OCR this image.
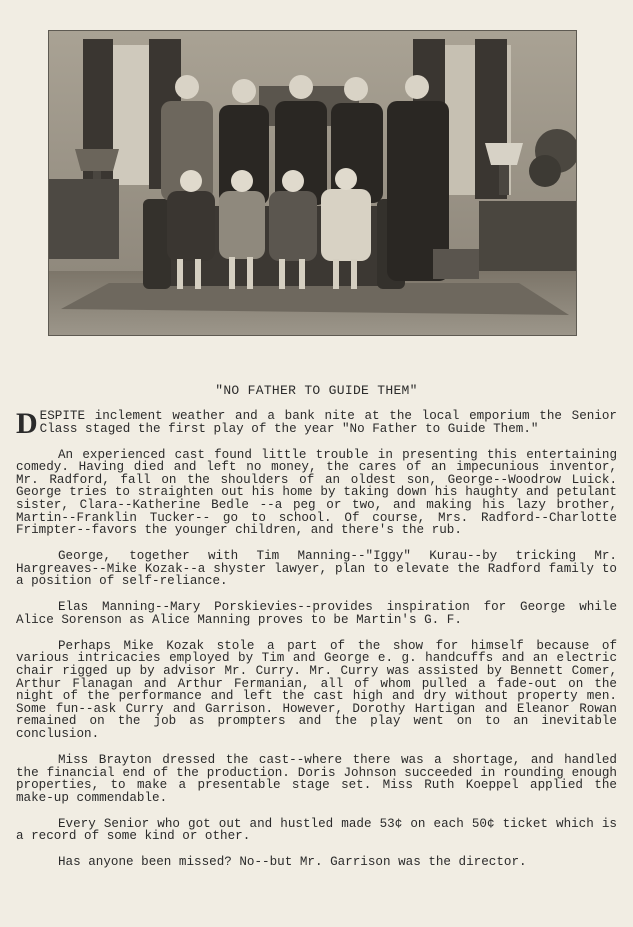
"NO FATHER TO GUIDE THEM"

DESPITE inclement weather and a bank nite at the local emporium the Senior Class staged the first play of the year "No Father to Guide Them."

An experienced cast found little trouble in presenting this entertaining comedy. Having died and left no money, the cares of an impecunious inventor, Mr. Radford, fall on the shoulders of an oldest son, George--Woodrow Luick. George tries to straighten out his home by taking down his haughty and petulant sister, Clara--Katherine Bedle --a peg or two, and making his lazy brother, Martin--Franklin Tucker-- go to school. Of course, Mrs. Radford--Charlotte Frimpter--favors the younger children, and there's the rub.

George, together with Tim Manning--"Iggy" Kurau--by tricking Mr. Hargreaves--Mike Kozak--a shyster lawyer, plan to elevate the Radford family to a position of self-reliance.

Elas Manning--Mary Porskievies--provides inspiration for George while Alice Sorenson as Alice Manning proves to be Martin's G. F.

Perhaps Mike Kozak stole a part of the show for himself because of various intricacies employed by Tim and George e. g. handcuffs and an electric chair rigged up by advisor Mr. Curry. Mr. Curry was assisted by Bennett Comer, Arthur Flanagan and Arthur Fermanian, all of whom pulled a fade-out on the night of the performance and left the cast high and dry without property men. Some fun--ask Curry and Garrison. However, Dorothy Hartigan and Eleanor Rowan remained on the job as prompters and the play went on to an inevitable conclusion.

Miss Brayton dressed the cast--where there was a shortage, and handled the financial end of the production. Doris Johnson succeeded in rounding enough properties, to make a presentable stage set. Miss Ruth Koeppel applied the make-up commendable.

Every Senior who got out and hustled made 53¢ on each 50¢ ticket which is a record of some kind or other.

Has anyone been missed? No--but Mr. Garrison was the director.
